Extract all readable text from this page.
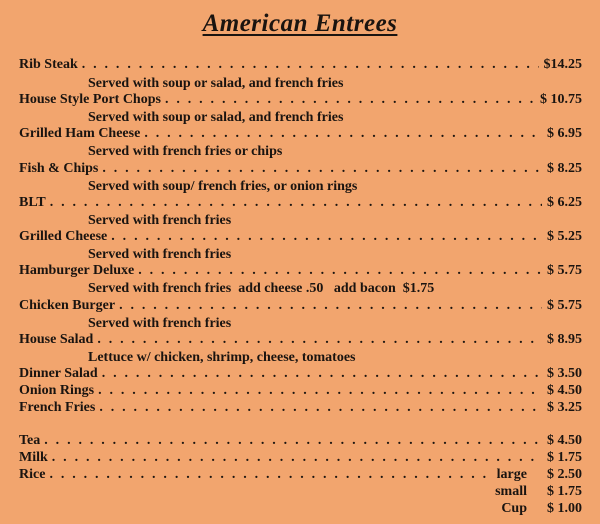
American Entrees
Rib Steak . . .	$14.25
Served with soup or salad, and french fries
House Style Port Chops . . .	$ 10.75
Served with soup or salad, and french fries
Grilled Ham Cheese . . .	$ 6.95
Served with french fries or chips
Fish & Chips . . .	$ 8.25
Served with soup/ french fries, or onion rings
BLT . . .	$ 6.25
Served with french fries
Grilled Cheese . . .	$ 5.25
Served with french fries
Hamburger Deluxe . . .	$ 5.75
Served with french fries  add cheese .50   add bacon  $1.75
Chicken Burger . . .	$ 5.75
Served with french fries
House Salad . . .	$ 8.95
Lettuce w/ chicken, shrimp, cheese, tomatoes
Dinner Salad . . .	$ 3.50
Onion Rings . . .	$ 4.50
French Fries . . .	$ 3.25
Tea . . .	$ 4.50
Milk . . .	$ 1.75
Rice . . .	large $ 2.50
small $ 1.75
Cup $ 1.00
